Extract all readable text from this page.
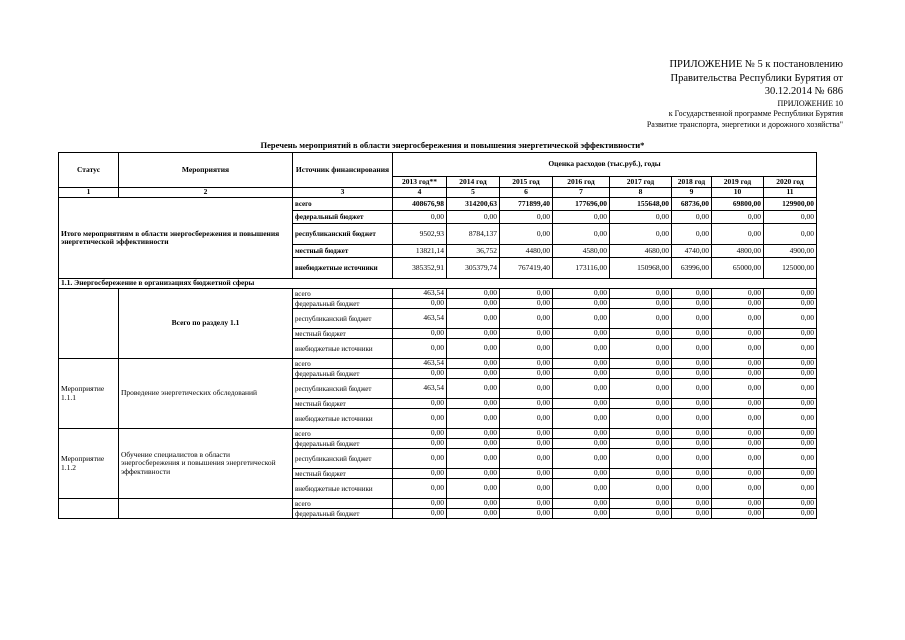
ПРИЛОЖЕНИЕ № 5 к постановлению
Правительства Республики Бурятия от
30.12.2014 № 686
ПРИЛОЖЕНИЕ 10
к Государственной программе Республики Бурятия
Развитие транспорта, энергетики и дорожного хозяйства"
Перечень мероприятий в области энергосбережения и повышения энергетической эффективности*
Статус	Мероприятия	Источник финансирования	Оценка расходов (тыс.руб.), годы							
			2013 год**	2014 год	2015 год	2016 год	2017 год	2018 год	2019 год	2020 год
1	2	3	4	5	6	7	8	9	10	11
Итого мероприятиям в области энергосбережения и повышения энергетической эффективности		всего	408676,98	314200,63	771899,40	177696,00	155648,00	68736,00	69800,00	129900,00
		федеральный бюджет	0,00	0,00	0,00	0,00	0,00	0,00	0,00	0,00
		республиканский бюджет	9502,93	8784,137	0,00	0,00	0,00	0,00	0,00	0,00
		местный бюджет	13821,14	36,752	4480,00	4580,00	4680,00	4740,00	4800,00	4900,00
		внебюджетные источники	385352,91	305379,74	767419,40	173116,00	150968,00	63996,00	65000,00	125000,00
1.1. Энергосбережение в организациях бюджетной сферы										
	Всего по разделу 1.1	всего	463,54	0,00	0,00	0,00	0,00	0,00	0,00	0,00
		федеральный бюджет	0,00	0,00	0,00	0,00	0,00	0,00	0,00	0,00
		республиканский бюджет	463,54	0,00	0,00	0,00	0,00	0,00	0,00	0,00
		местный бюджет	0,00	0,00	0,00	0,00	0,00	0,00	0,00	0,00
		внебюджетные источники	0,00	0,00	0,00	0,00	0,00	0,00	0,00	0,00
Мероприятие 1.1.1	Проведение энергетических обследований	всего	463,54	0,00	0,00	0,00	0,00	0,00	0,00	0,00
		федеральный бюджет	0,00	0,00	0,00	0,00	0,00	0,00	0,00	0,00
		республиканский бюджет	463,54	0,00	0,00	0,00	0,00	0,00	0,00	0,00
		местный бюджет	0,00	0,00	0,00	0,00	0,00	0,00	0,00	0,00
		внебюджетные источники	0,00	0,00	0,00	0,00	0,00	0,00	0,00	0,00
Мероприятие 1.1.2	Обучение специалистов в области энергосбережения и повышения энергетической эффективности	всего	0,00	0,00	0,00	0,00	0,00	0,00	0,00	0,00
		федеральный бюджет	0,00	0,00	0,00	0,00	0,00	0,00	0,00	0,00
		республиканский бюджет	0,00	0,00	0,00	0,00	0,00	0,00	0,00	0,00
		местный бюджет	0,00	0,00	0,00	0,00	0,00	0,00	0,00	0,00
		внебюджетные источники	0,00	0,00	0,00	0,00	0,00	0,00	0,00	0,00
		всего	0,00	0,00	0,00	0,00	0,00	0,00	0,00	0,00
		федеральный бюджет	0,00	0,00	0,00	0,00	0,00	0,00	0,00	0,00
